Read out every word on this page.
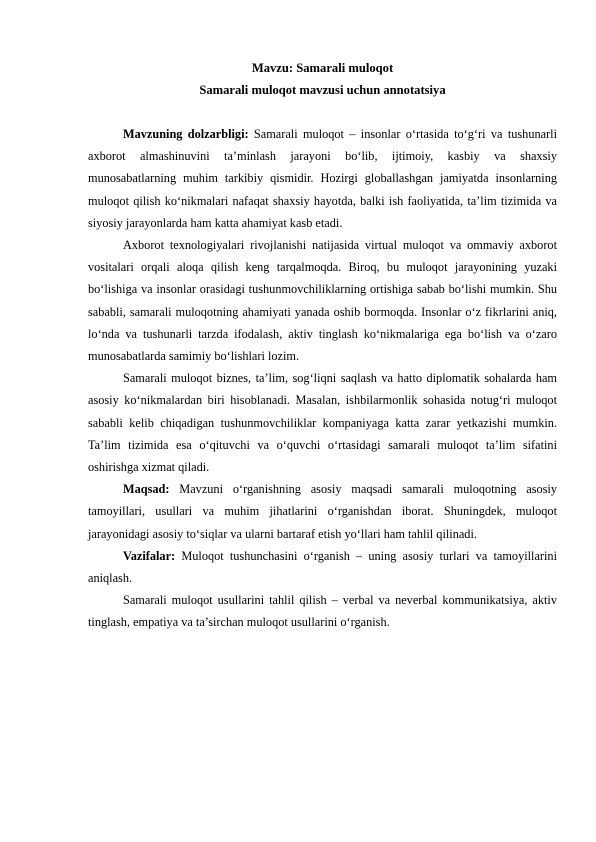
Mavzu: Samarali muloqot

Samarali muloqot mavzusi uchun annotatsiya

Mavzuning dolzarbligi: Samarali muloqot – insonlar o‘rtasida to‘g‘ri va tushunarli axborot almashinuvini ta’minlash jarayoni bo‘lib, ijtimoiy, kasbiy va shaxsiy munosabatlarning muhim tarkibiy qismidir. Hozirgi globallashgan jamiyatda insonlarning muloqot qilish ko‘nikmalari nafaqat shaxsiy hayotda, balki ish faoliyatida, ta’lim tizimida va siyosiy jarayonlarda ham katta ahamiyat kasb etadi.

Axborot texnologiyalari rivojlanishi natijasida virtual muloqot va ommaviy axborot vositalari orqali aloqa qilish keng tarqalmoqda. Biroq, bu muloqot jarayonining yuzaki bo‘lishiga va insonlar orasidagi tushunmovchiliklarning ortishiga sabab bo‘lishi mumkin. Shu sababli, samarali muloqotning ahamiyati yanada oshib bormoqda. Insonlar o‘z fikrlarini aniq, lo‘nda va tushunarli tarzda ifodalash, aktiv tinglash ko‘nikmalariga ega bo‘lish va o‘zaro munosabatlarda samimiy bo‘lishlari lozim.

Samarali muloqot biznes, ta’lim, sog‘liqni saqlash va hatto diplomatik sohalarda ham asosiy ko‘nikmalardan biri hisoblanadi. Masalan, ishbilarmonlik sohasida notug‘ri muloqot sababli kelib chiqadigan tushunmovchiliklar kompaniyaga katta zarar yetkazishi mumkin. Ta’lim tizimida esa o‘qituvchi va o‘quvchi o‘rtasidagi samarali muloqot ta’lim sifatini oshirishga xizmat qiladi.

Maqsad: Mavzuni o‘rganishning asosiy maqsadi samarali muloqotning asosiy tamoyillari, usullari va muhim jihatlarini o‘rganishdan iborat. Shuningdek, muloqot jarayonidagi asosiy to‘siqlar va ularni bartaraf etish yo‘llari ham tahlil qilinadi.

Vazifalar: Muloqot tushunchasini o‘rganish – uning asosiy turlari va tamoyillarini aniqlash.

Samarali muloqot usullarini tahlil qilish – verbal va neverbal kommunikatsiya, aktiv tinglash, empatiya va ta’sirchan muloqot usullarini o‘rganish.
